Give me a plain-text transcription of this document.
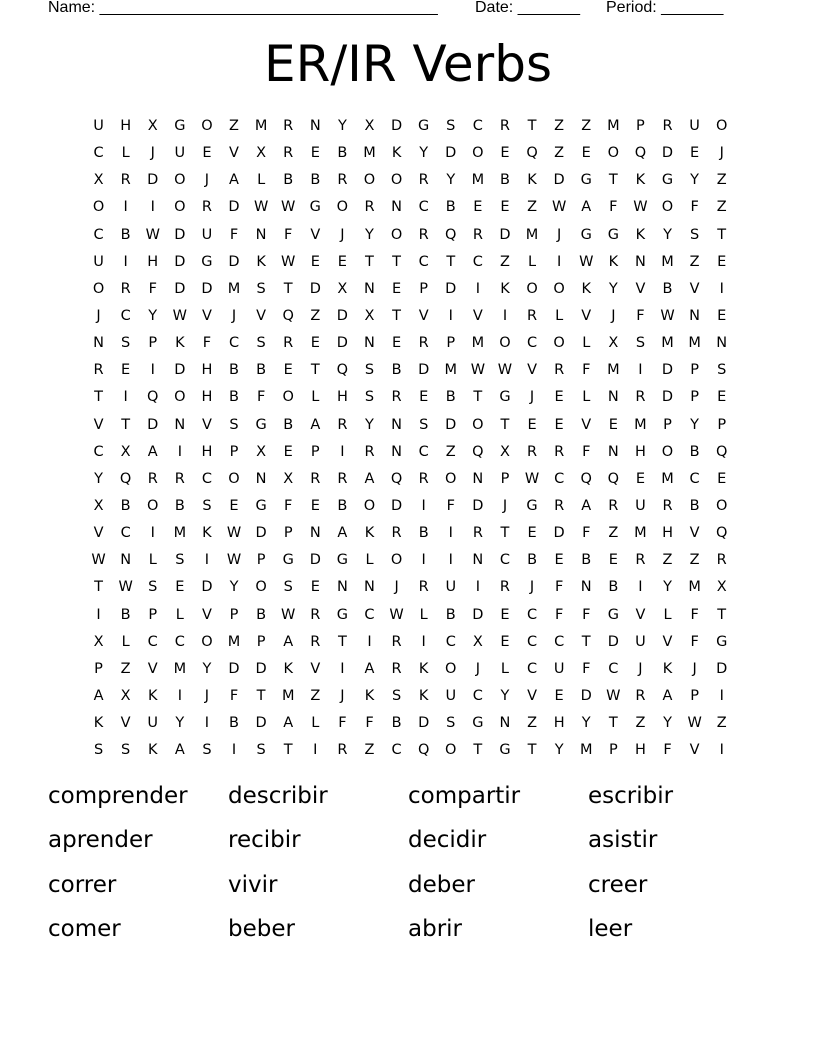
Name: ______________________________________ Date: _______ Period: _______
ER/IR Verbs
U	H	X	G	O	Z	M	R	N	Y	X	D	G	S	C	R	T	Z	Z	M	P	R	U	O
C	L	J	U	E	V	X	R	E	B	M	K	Y	D	O	E	Q	Z	E	O	Q	D	E	J
X	R	D	O	J	A	L	B	B	R	O	O	R	Y	M	B	K	D	G	T	K	G	Y	Z
O	I	I	O	R	D W W G	O	R	N	C	B	E	E	Z	W	A	F	W O	F	Z
C	B	W D	U	F	N	F	V	J	Y	O	R	Q	R	D	M	J	G	G	K	Y	S	T
U	I	H	D	G	D	K	W	E	E	T	T	C	T	C	Z	L	I	W	K	N	M	Z	E
O	R	F	D	D	M	S	T	D	X	N	E	P	D	I	K	O	O	K	Y	V	B	V	I
J	C	Y	W	V	J	V	Q	Z	D	X	T	V	I	V	I	R	L	V	J	F	W N	E
N	S	P	K	F	C	S	R	E	D	N	E	R	P	M	O	C	O	L	X	S	M	M	N
R	E	I	D	H	B	B	E	T	Q	S	B	D	M W W	V	R	F	M	I	D	P	S
T	I	Q	O	H	B	F	O	L	H	S	R	E	B	T	G	J	E	L	N	R	D	P	E
V	T	D	N	V	S	G	B	A	R	Y	N	S	D	O	T	E	E	V	E	M	P	Y	P
C	X	A	I	H	P	X	E	P	I	R	N	C	Z	Q	X	R	R	F	N	H	O	B	Q
Y	Q	R	R	C	O	N	X	R	R	A	Q	R	O	N	P	W	C	Q	Q	E	M	C	E
X	B	O	B	S	E	G	F	E	B	O	D	I	F	D	J	G	R	A	R	U	R	B	O
V	C	I	M	K	W D	P	N	A	K	R	B	I	R	T	E	D	F	Z	M	H	V	Q
W N	L	S	I	W	P	G	D	G	L	O	I	I	N	C	B	E	B	E	R	Z	Z	R
T	W	S	E	D	Y	O	S	E	N	N	J	R	U	I	R	J	F	N	B	I	Y	M	X
I	B	P	L	V	P	B	W	R	G	C	W	L	B	D	E	C	F	F	G	V	L	F	T
X	L	C	C	O	M	P	A	R	T	I	R	I	C	X	E	C	C	T	D	U	V	F	G
P	Z	V	M	Y	D	D	K	V	I	A	R	K	O	J	L	C	U	F	C	J	K	J	D
A	X	K	I	J	F	T	M	Z	J	K	S	K	U	C	Y	V	E	D W	R	A	P	I
K	V	U	Y	I	B	D	A	L	F	F	B	D	S	G	N	Z	H	Y	T	Z	Y	W	Z
S	S	K	A	S	I	S	T	I	R	Z	C	Q	O	T	G	T	Y	M	P	H	F	V	I
comprender	describir	compartir	escribir
aprender	recibir	decidir	asistir
correr	vivir	deber	creer
comer	beber	abrir	leer
